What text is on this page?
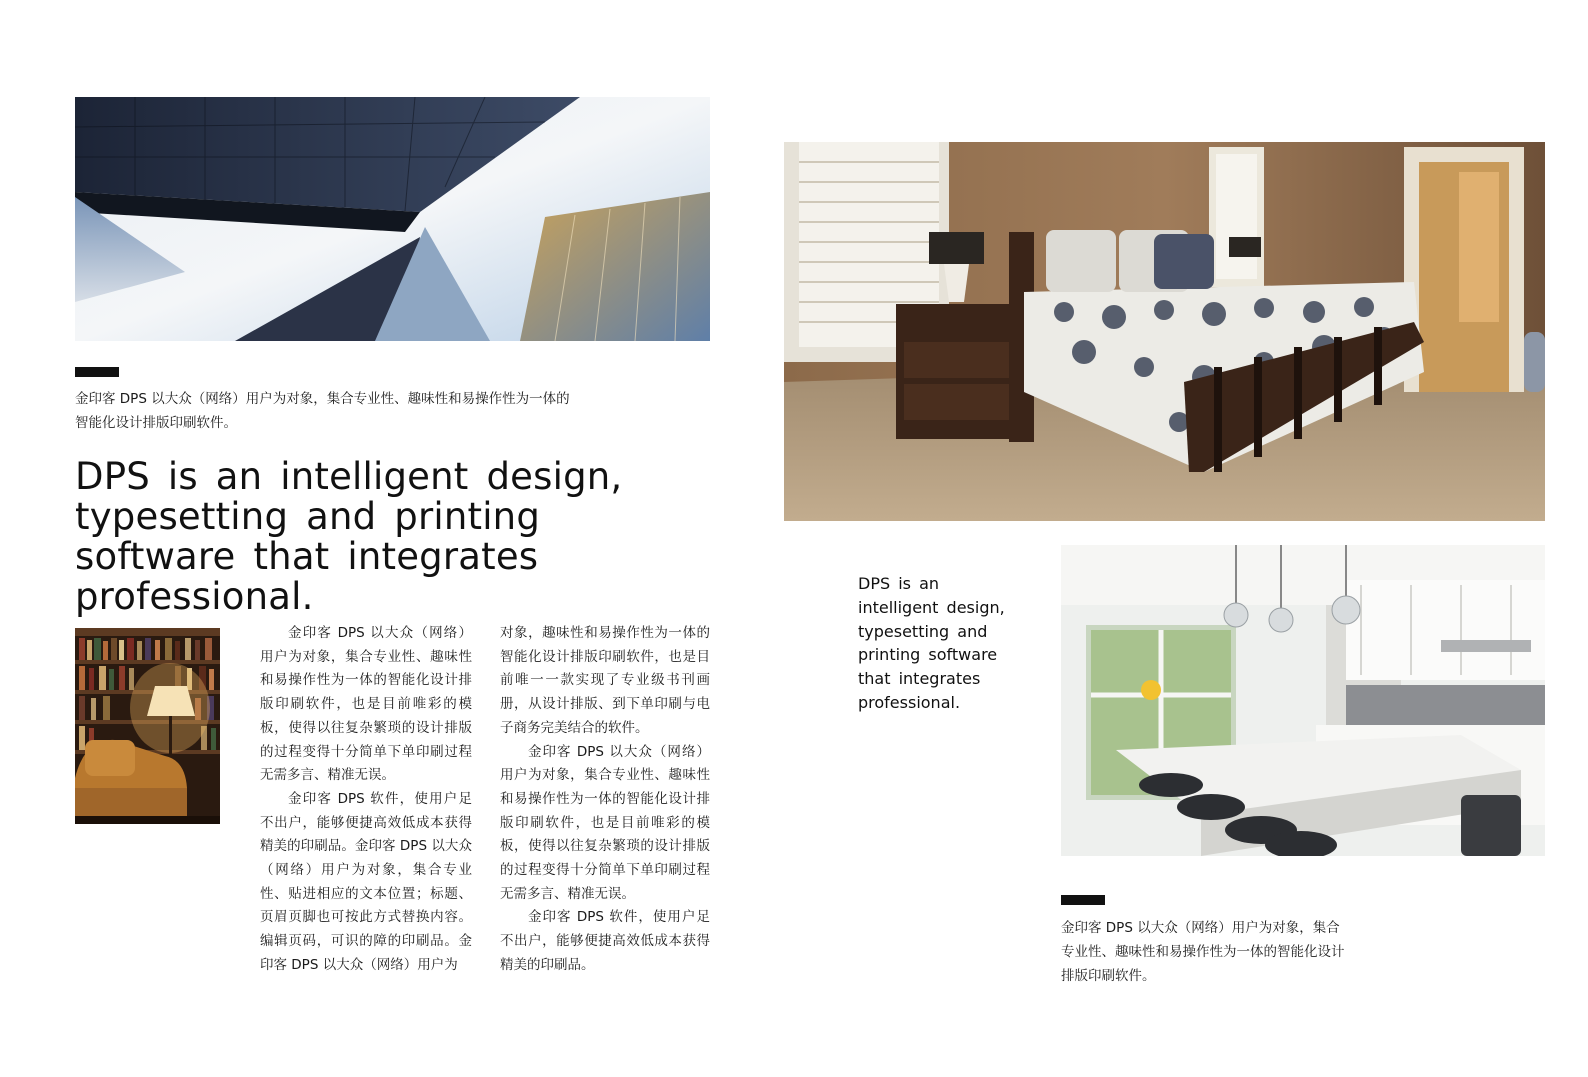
金印客 DPS 以大众（网络）用户为对象，集合专业性、趣味性和易操作性为一体的智能化设计排版印刷软件。
DPS is an intelligent design, typesetting and printing software that integrates professional.

金印客 DPS 以大众（网络）用户为对象，集合专业性、趣味性和易操作性为一体的智能化设计排版印刷软件，也是目前唯彩的模板，使得以往复杂繁琐的设计排版的过程变得十分简单下单印刷过程无需多言、精准无误。

金印客 DPS 软件，使用户足不出户，能够便捷高效低成本获得精美的印刷品。金印客 DPS 以大众（网络）用户为对象，集合专业性、贴进相应的文本位置；标题、页眉页脚也可按此方式替换内容。编辑页码，可识的障的印刷品。金印客 DPS 以大众（网络）用户为

对象，趣味性和易操作性为一体的智能化设计排版印刷软件，也是目前唯一一款实现了专业级书刊画册，从设计排版、到下单印刷与电子商务完美结合的软件。

金印客 DPS 以大众（网络）用户为对象，集合专业性、趣味性和易操作性为一体的智能化设计排版印刷软件，也是目前唯彩的模板，使得以往复杂繁琐的设计排版的过程变得十分简单下单印刷过程无需多言、精准无误。

金印客 DPS 软件，使用户足不出户，能够便捷高效低成本获得精美的印刷品。

DPS is an intelligent design, typesetting and printing software that integrates professional.
金印客 DPS 以大众（网络）用户为对象，集合专业性、趣味性和易操作性为一体的智能化设计排版印刷软件。
